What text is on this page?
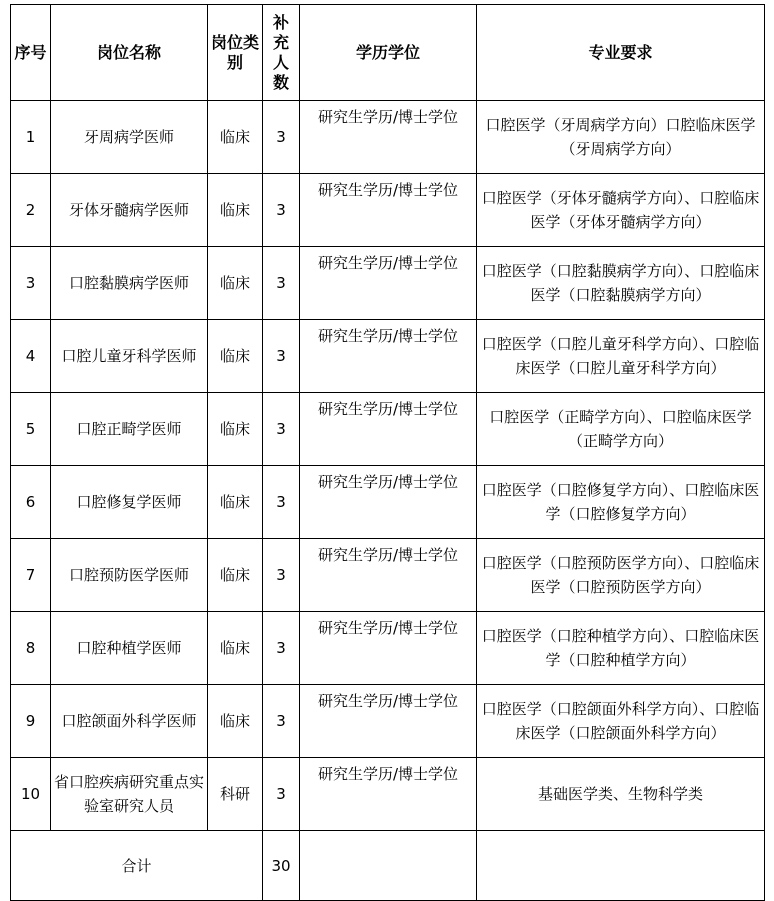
序号	岗位名称	岗位类别	补充人数	学历学位	专业要求
1	牙周病学医师	临床	3	研究生学历/博士学位	口腔医学（牙周病学方向）口腔临床医学（牙周病学方向）
2	牙体牙髓病学医师	临床	3	研究生学历/博士学位	口腔医学（牙体牙髓病学方向）、口腔临床医学（牙体牙髓病学方向）
3	口腔黏膜病学医师	临床	3	研究生学历/博士学位	口腔医学（口腔黏膜病学方向）、口腔临床医学（口腔黏膜病学方向）
4	口腔儿童牙科学医师	临床	3	研究生学历/博士学位	口腔医学（口腔儿童牙科学方向）、口腔临床医学（口腔儿童牙科学方向）
5	口腔正畸学医师	临床	3	研究生学历/博士学位	口腔医学（正畸学方向）、口腔临床医学（正畸学方向）
6	口腔修复学医师	临床	3	研究生学历/博士学位	口腔医学（口腔修复学方向）、口腔临床医学（口腔修复学方向）
7	口腔预防医学医师	临床	3	研究生学历/博士学位	口腔医学（口腔预防医学方向）、口腔临床医学（口腔预防医学方向）
8	口腔种植学医师	临床	3	研究生学历/博士学位	口腔医学（口腔种植学方向）、口腔临床医学（口腔种植学方向）
9	口腔颌面外科学医师	临床	3	研究生学历/博士学位	口腔医学（口腔颌面外科学方向）、口腔临床医学（口腔颌面外科学方向）
10	省口腔疾病研究重点实验室研究人员	科研	3	研究生学历/博士学位	基础医学类、生物科学类
合计			30		
